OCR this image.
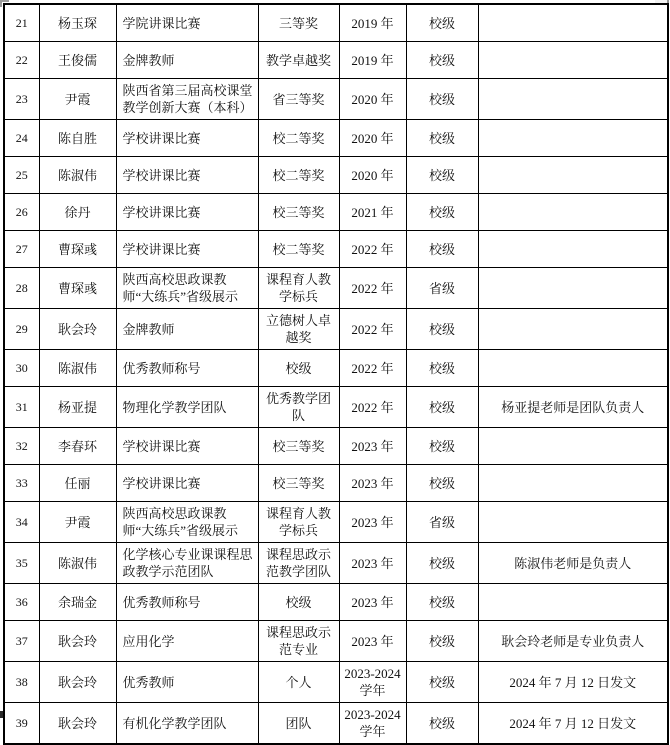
21	杨玉琛	学院讲课比赛	三等奖	2019 年	校级	
22	王俊儒	金牌教师	教学卓越奖	2019 年	校级	
23	尹霞	陕西省第三届高校课堂教学创新大赛（本科）	省三等奖	2020 年	校级	
24	陈自胜	学校讲课比赛	校二等奖	2020 年	校级	
25	陈淑伟	学校讲课比赛	校二等奖	2020 年	校级	
26	徐丹	学校讲课比赛	校三等奖	2021 年	校级	
27	曹琛彧	学校讲课比赛	校二等奖	2022 年	校级	
28	曹琛彧	陕西高校思政课教师“大练兵”省级展示	课程育人教学标兵	2022 年	省级	
29	耿会玲	金牌教师	立德树人卓越奖	2022 年	校级	
30	陈淑伟	优秀教师称号	校级	2022 年	校级	
31	杨亚提	物理化学教学团队	优秀教学团队	2022 年	校级	杨亚提老师是团队负责人
32	李春环	学校讲课比赛	校三等奖	2023 年	校级	
33	任丽	学校讲课比赛	校三等奖	2023 年	校级	
34	尹霞	陕西高校思政课教师“大练兵”省级展示	课程育人教学标兵	2023 年	省级	
35	陈淑伟	化学核心专业课课程思政教学示范团队	课程思政示范教学团队	2023 年	校级	陈淑伟老师是负责人
36	余瑞金	优秀教师称号	校级	2023 年	校级	
37	耿会玲	应用化学	课程思政示范专业	2023 年	校级	耿会玲老师是专业负责人
38	耿会玲	优秀教师	个人	2023-2024 学年	校级	2024 年 7 月 12 日发文
39	耿会玲	有机化学教学团队	团队	2023-2024 学年	校级	2024 年 7 月 12 日发文
